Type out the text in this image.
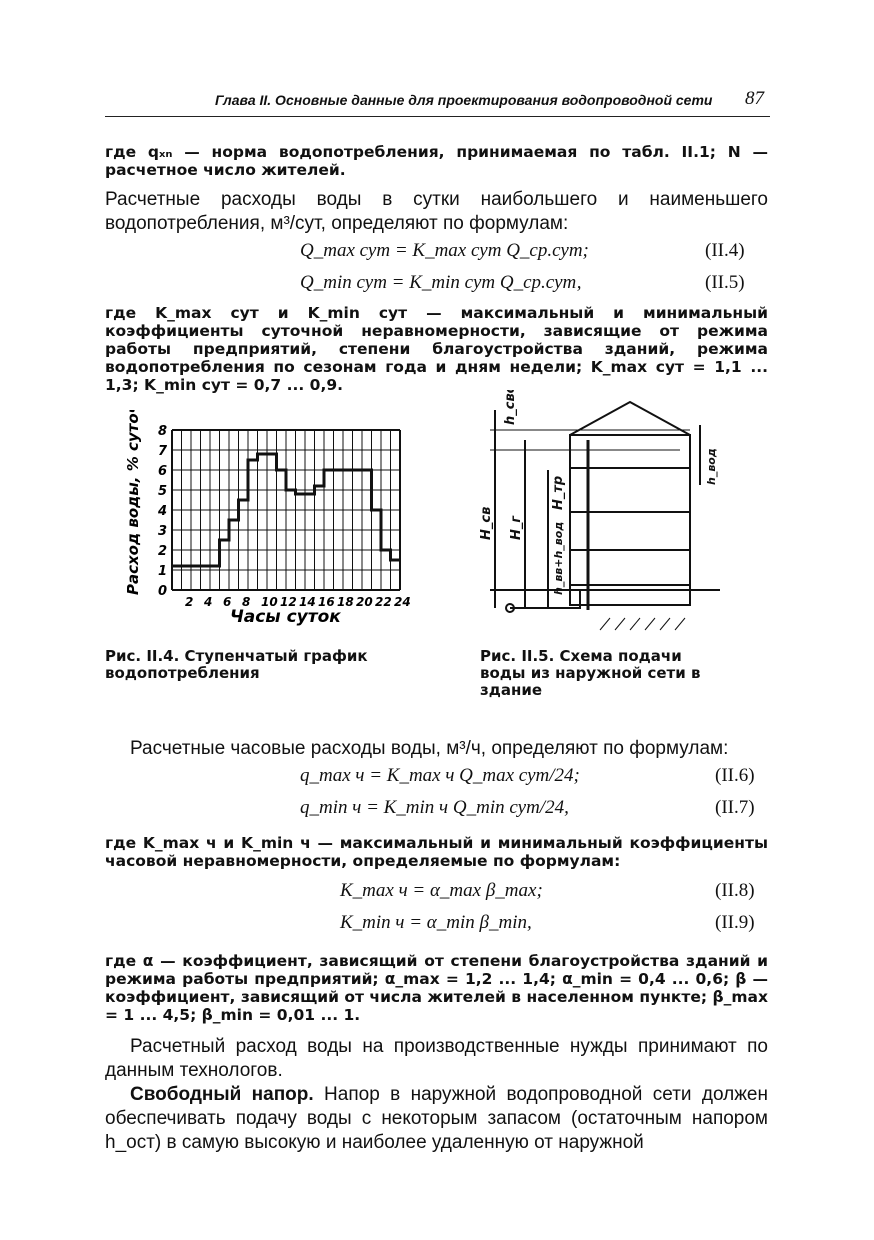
Глава II. Основные данные для проектирования водопроводной сети 87
где qₓₙ — норма водопотребления, принимаемая по табл. II.1; N — расчетное число жителей.
Расчетные расходы воды в сутки наибольшего и наименьшего водопотребления, м³/сут, определяют по формулам:
Q_max сут = K_max сут Q_ср.сут;	(II.4)
Q_min сут = K_min сут Q_ср.сут,	(II.5)
где K_max сут и K_min сут — максимальный и минимальный коэффициенты суточной неравномерности, зависящие от режима работы предприятий, степени благоустройства зданий, режима водопотребления по сезонам года и дням недели; K_max сут = 1,1 ... 1,3; K_min сут = 0,7 ... 0,9.
Расход воды, % суточного расхода
Часы суток
0
1
2
3
4
5
6
7
8
2 4 6 8 10 12 14 16 18 20 22 24
h_своб
H_св H_г
H_тр
h_вв+h_вод
h_вод
Рис. II.4. Ступенчатый график водопотребления
Рис. II.5. Схема подачи воды из наружной сети в здание
Расчетные часовые расходы воды, м³/ч, определяют по формулам:
q_max ч = K_max ч Q_max сут/24;	(II.6)
q_min ч = K_min ч Q_min сут/24,	(II.7)
где K_max ч и K_min ч — максимальный и минимальный коэффициенты часовой неравномерности, определяемые по формулам:
K_max ч = α_max β_max;	(II.8)
K_min ч = α_min β_min,	(II.9)
где α — коэффициент, зависящий от степени благоустройства зданий и режима работы предприятий; α_max = 1,2 ... 1,4; α_min = 0,4 ... 0,6; β — коэффициент, зависящий от числа жителей в населенном пункте; β_max = 1 ... 4,5; β_min = 0,01 ... 1.
Расчетный расход воды на производственные нужды принимают по данным технологов.
Свободный напор. Напор в наружной водопроводной сети должен обеспечивать подачу воды с некоторым запасом (остаточным напором h_ост) в самую высокую и наиболее удаленную от наружной
